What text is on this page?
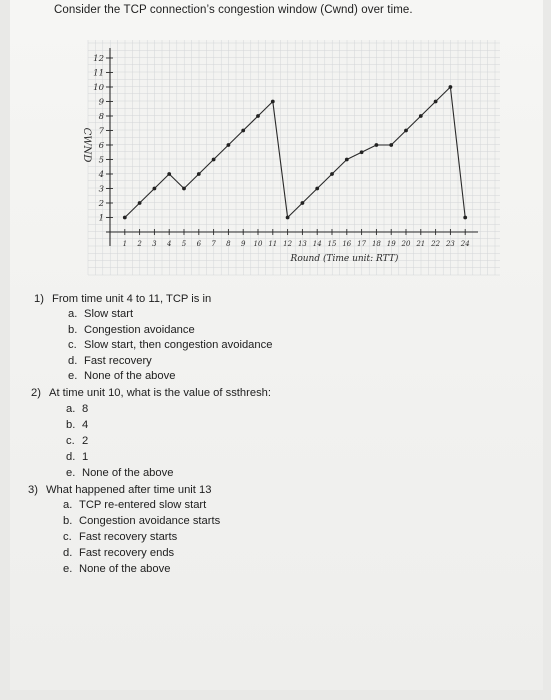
Consider the TCP connection’s congestion window (Cwnd) over time.
1
2
3
4
5
6
7
8
9
10
11
12
1 2 3 4 5 6 7 8 9 10 11 12 13 14 15 16 17 18 19 20 21 22 23 24
CWND
Round (Time unit: RTT)
1) From time unit 4 to 11, TCP is in
a. Slow start
b. Congestion avoidance
c. Slow start, then congestion avoidance
d. Fast recovery
e. None of the above
2) At time unit 10, what is the value of ssthresh:
a. 8
b. 4
c. 2
d. 1
e. None of the above
3) What happened after time unit 13
a. TCP re-entered slow start
b. Congestion avoidance starts
c. Fast recovery starts
d. Fast recovery ends
e. None of the above
